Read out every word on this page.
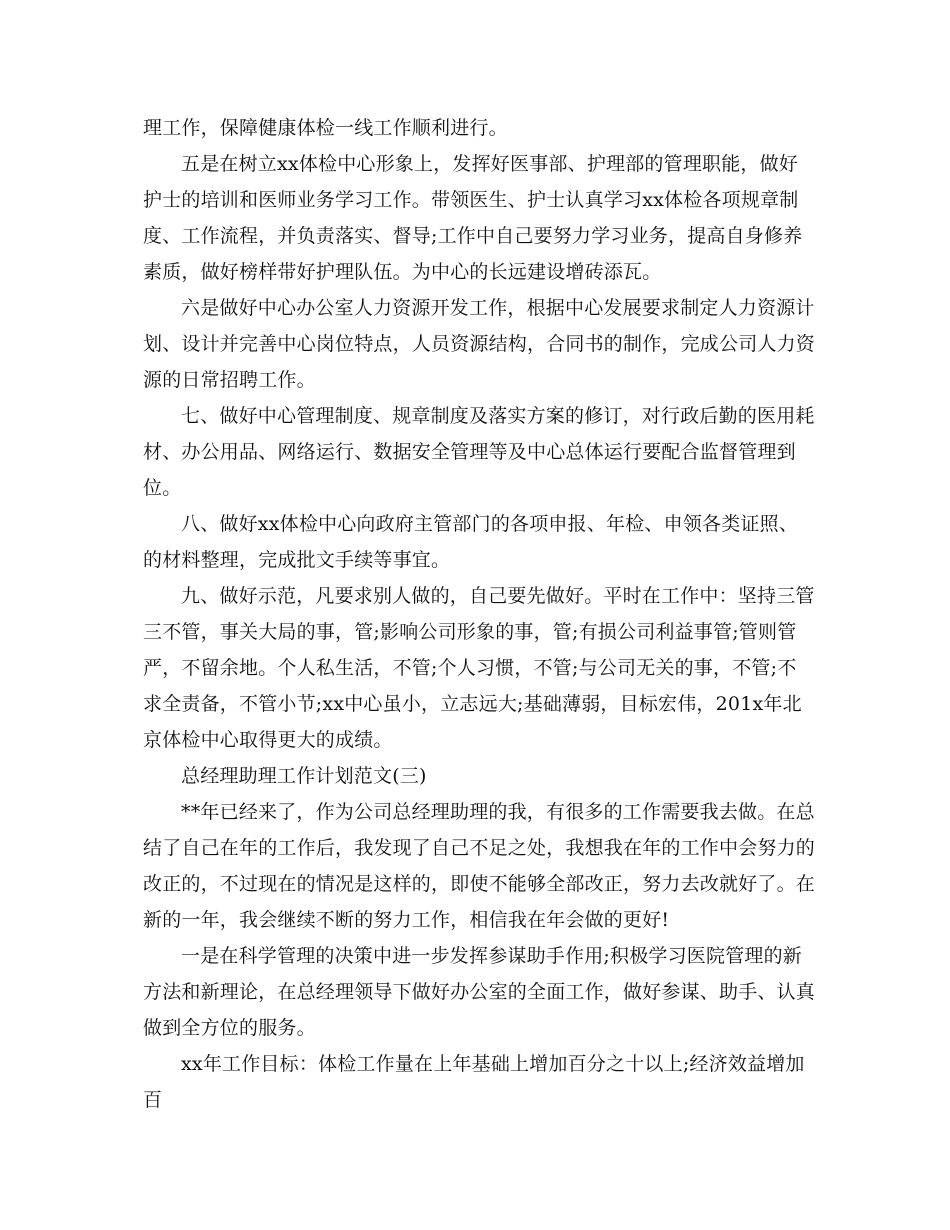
理工作，保障健康体检一线工作顺利进行。

五是在树立xx体检中心形象上，发挥好医事部、护理部的管理职能，做好护士的培训和医师业务学习工作。带领医生、护士认真学习xx体检各项规章制度、工作流程，并负责落实、督导;工作中自己要努力学习业务，提高自身修养素质，做好榜样带好护理队伍。为中心的长远建设增砖添瓦。

六是做好中心办公室人力资源开发工作，根据中心发展要求制定人力资源计划、设计并完善中心岗位特点，人员资源结构，合同书的制作，完成公司人力资源的日常招聘工作。

七、做好中心管理制度、规章制度及落实方案的修订，对行政后勤的医用耗材、办公用品、网络运行、数据安全管理等及中心总体运行要配合监督管理到位。

八、做好xx体检中心向政府主管部门的各项申报、年检、申领各类证照、的材料整理，完成批文手续等事宜。

九、做好示范，凡要求别人做的，自己要先做好。平时在工作中：坚持三管三不管，事关大局的事，管;影响公司形象的事，管;有损公司利益事管;管则管严，不留余地。个人私生活，不管;个人习惯，不管;与公司无关的事，不管;不求全责备，不管小节;xx中心虽小，立志远大;基础薄弱，目标宏伟，201x年北京体检中心取得更大的成绩。

总经理助理工作计划范文(三)

**年已经来了，作为公司总经理助理的我，有很多的工作需要我去做。在总结了自己在年的工作后，我发现了自己不足之处，我想我在年的工作中会努力的改正的，不过现在的情况是这样的，即使不能够全部改正，努力去改就好了。在新的一年，我会继续不断的努力工作，相信我在年会做的更好!

一是在科学管理的决策中进一步发挥参谋助手作用;积极学习医院管理的新方法和新理论，在总经理领导下做好办公室的全面工作，做好参谋、助手、认真做到全方位的服务。

xx年工作目标：体检工作量在上年基础上增加百分之十以上;经济效益增加百
